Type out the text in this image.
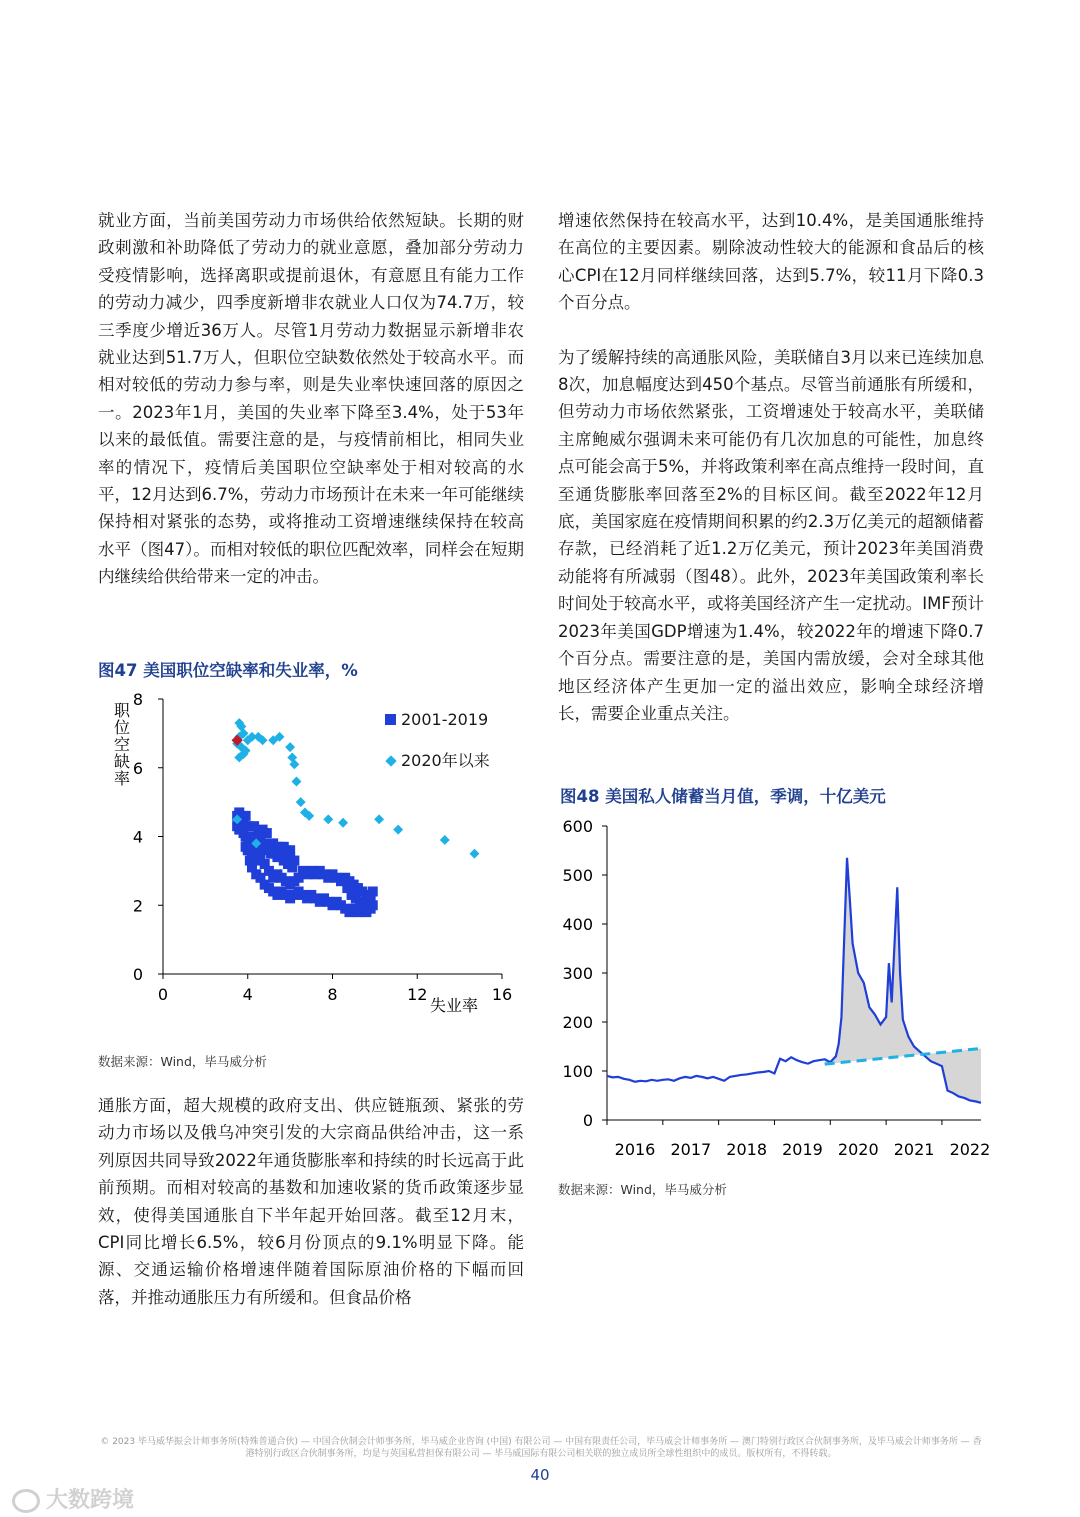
就业方面，当前美国劳动力市场供给依然短缺。长期的财政刺激和补助降低了劳动力的就业意愿，叠加部分劳动力受疫情影响，选择离职或提前退休，有意愿且有能力工作的劳动力减少，四季度新增非农就业人口仅为74.7万，较三季度少增近36万人。尽管1月劳动力数据显示新增非农就业达到51.7万人，但职位空缺数依然处于较高水平。而相对较低的劳动力参与率，则是失业率快速回落的原因之一。2023年1月，美国的失业率下降至3.4%，处于53年以来的最低值。需要注意的是，与疫情前相比，相同失业率的情况下，疫情后美国职位空缺率处于相对较高的水平，12月达到6.7%，劳动力市场预计在未来一年可能继续保持相对紧张的态势，或将推动工资增速继续保持在较高水平（图47）。而相对较低的职位匹配效率，同样会在短期内继续给供给带来一定的冲击。

图47 美国职位空缺率和失业率，%
0
2
4
6
8
0	4	8	12	16
失业率
职位空缺率
2001-2019
2020年以来
数据来源：Wind，毕马威分析

通胀方面，超大规模的政府支出、供应链瓶颈、紧张的劳动力市场以及俄乌冲突引发的大宗商品供给冲击，这一系列原因共同导致2022年通货膨胀率和持续的时长远高于此前预期。而相对较高的基数和加速收紧的货币政策逐步显效，使得美国通胀自下半年起开始回落。截至12月末，CPI同比增长6.5%，较6月份顶点的9.1%明显下降。能源、交通运输价格增速伴随着国际原油价格的下幅而回落，并推动通胀压力有所缓和。但食品价格

增速依然保持在较高水平，达到10.4%，是美国通胀维持在高位的主要因素。剔除波动性较大的能源和食品后的核心CPI在12月同样继续回落，达到5.7%，较11月下降0.3个百分点。

为了缓解持续的高通胀风险，美联储自3月以来已连续加息8次，加息幅度达到450个基点。尽管当前通胀有所缓和，但劳动力市场依然紧张，工资增速处于较高水平，美联储主席鲍威尔强调未来可能仍有几次加息的可能性，加息终点可能会高于5%，并将政策利率在高点维持一段时间，直至通货膨胀率回落至2%的目标区间。截至2022年12月底，美国家庭在疫情期间积累的约2.3万亿美元的超额储蓄存款，已经消耗了近1.2万亿美元，预计2023年美国消费动能将有所减弱（图48）。此外，2023年美国政策利率长时间处于较高水平，或将美国经济产生一定扰动。IMF预计2023年美国GDP增速为1.4%，较2022年的增速下降0.7个百分点。需要注意的是，美国内需放缓，会对全球其他地区经济体产生更加一定的溢出效应，影响全球经济增长，需要企业重点关注。

图48 美国私人储蓄当月值，季调，十亿美元
0
100
200
300
400
500
600
2016 2017 2018 2019 2020 2021 2022
数据来源：Wind，毕马威分析
© 2023 毕马威华振会计师事务所(特殊普通合伙) — 中国合伙制会计师事务所，毕马威企业咨询 (中国) 有限公司 — 中国有限责任公司，毕马威会计师事务所 — 澳门特别行政区合伙制事务所，及毕马威会计师事务所 — 香港特别行政区合伙制事务所，均是与英国私营担保有限公司 — 毕马威国际有限公司相关联的独立成员所全球性组织中的成员。版权所有，不得转载。
40
大数跨境
